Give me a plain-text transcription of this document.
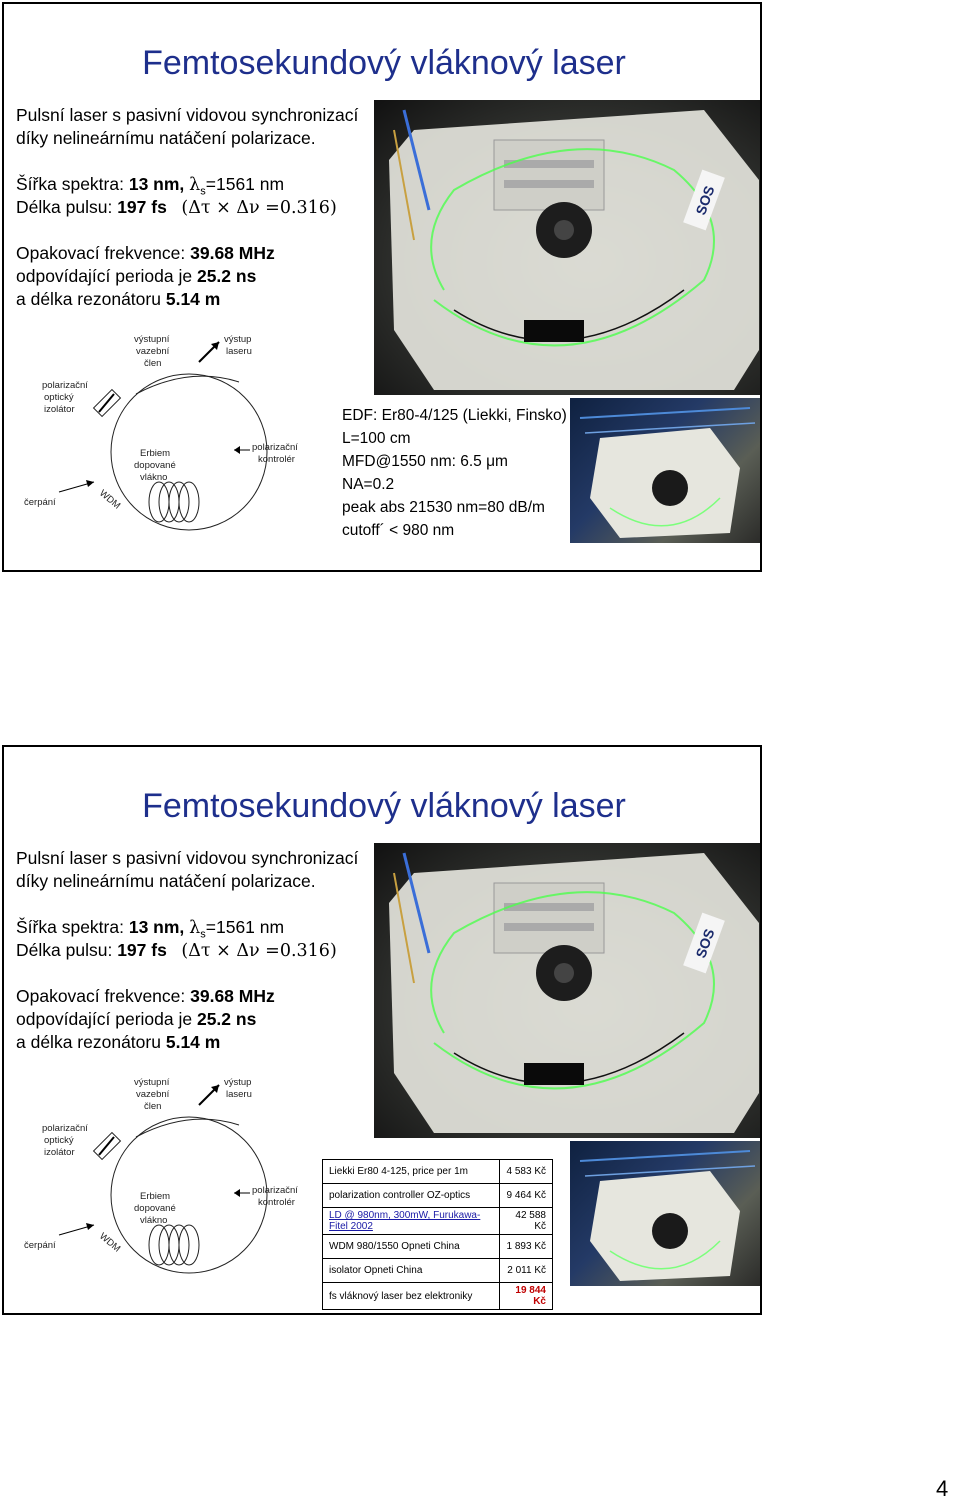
Femtosekundový vláknový laser
Pulsní laser s pasivní vidovou synchronizací
díky nelineárnímu natáčení polarizace.
Šířka spektra: 13 nm, $\lambda_s=1561$ nm
Délka pulsu: 197 fs (Δτ × Δν =0.316)
Opakovací frekvence: 39.68 MHz
odpovídající perioda je 25.2 ns
a délka rezonátoru 5.14 m
SOS
výstupní
vazební
člen
výstup
laseru
polarizační
optický
izolátor
Erbiem
dopované
vlákno
polarizační
kontrolér
čerpání	WDM
EDF: Er80-4/125 (Liekki, Finsko)
L=100 cm
MFD@1550 nm: 6.5 μm
NA=0.2
peak abs 21530 nm=80 dB/m
cutoff´ < 980 nm
Femtosekundový vláknový laser
Pulsní laser s pasivní vidovou synchronizací
díky nelineárnímu natáčení polarizace.
Šířka spektra: 13 nm, $\lambda_s=1561$ nm
Délka pulsu: 197 fs (Δτ × Δν =0.316)
Opakovací frekvence: 39.68 MHz
odpovídající perioda je 25.2 ns
a délka rezonátoru 5.14 m
SOS
výstupní
vazební
člen
výstup
laseru
polarizační
optický
izolátor
Erbiem
dopované
vlákno
polarizační
kontrolér
čerpání	WDM
Liekki Er80 4-125, price per 1m	4 583 Kč
polarization controller OZ-optics	9 464 Kč
LD @ 980nm, 300mW, Furukawa-Fitel 2002	42 588 Kč
WDM 980/1550 Opneti China	1 893 Kč
isolator Opneti China	2 011 Kč
fs vláknový laser bez elektroniky	19 844 Kč
4
